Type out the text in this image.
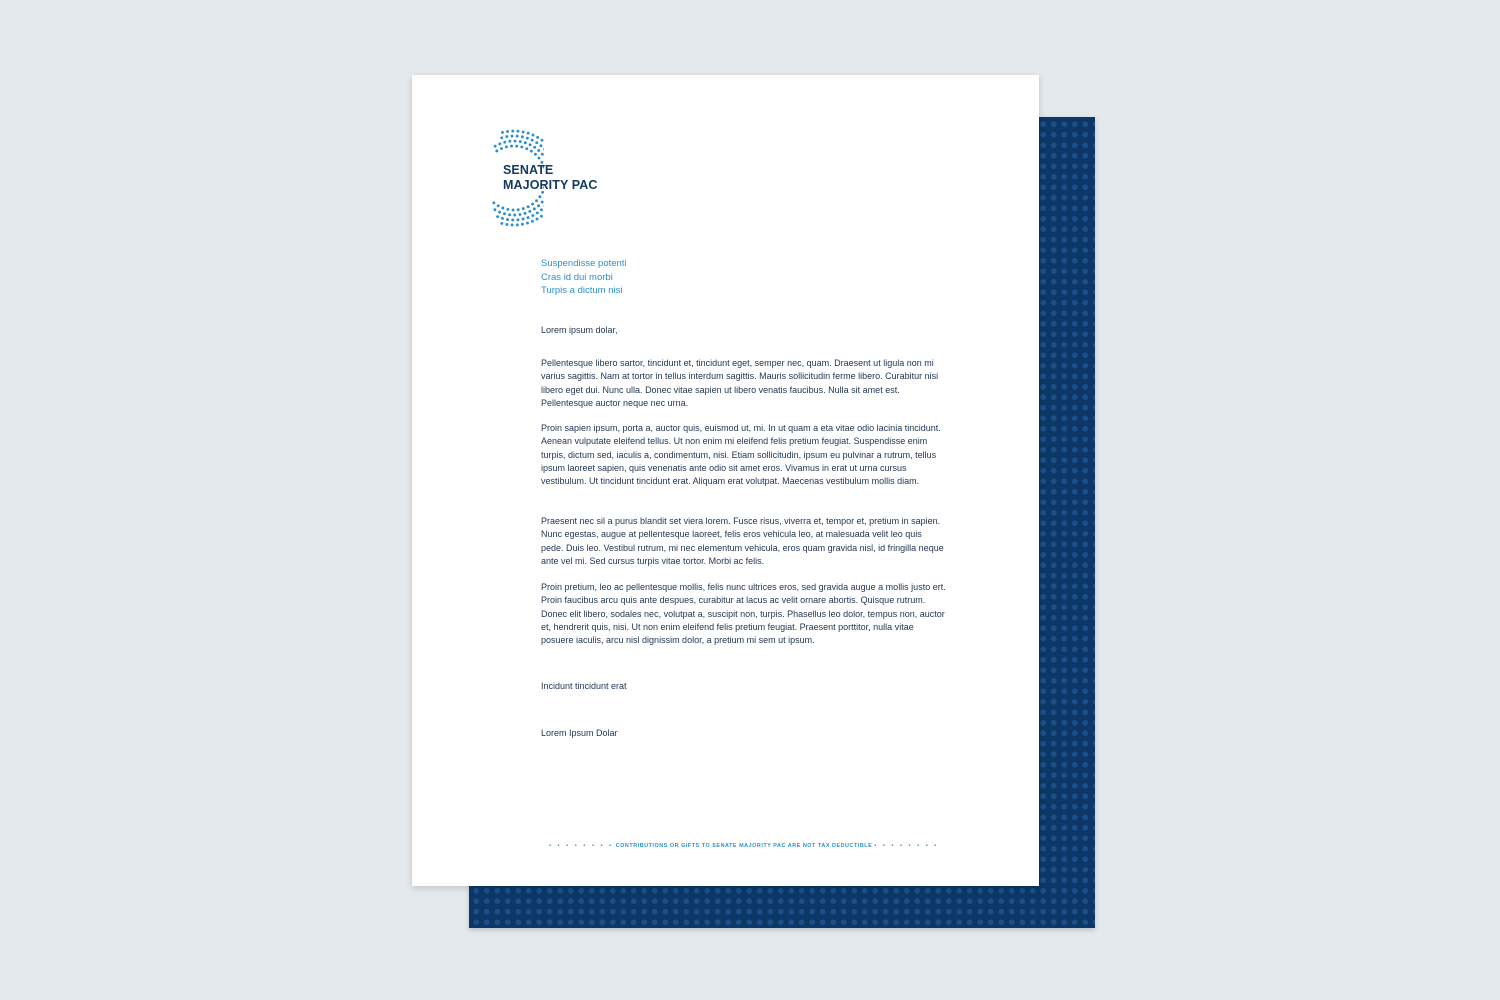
SENATE
MAJORITY PAC
Suspendisse potenti
Cras id dui morbi
Turpis a dictum nisi

Lorem ipsum dolar,

Pellentesque libero sartor, tincidunt et, tincidunt eget, semper nec, quam. Draesent ut ligula non mi varius sagittis. Nam at tortor in tellus interdum sagittis. Mauris sollicitudin ferme libero. Curabitur nisi libero eget dui. Nunc ulla. Donec vitae sapien ut libero venatis faucibus. Nulla sit amet est. Pellentesque auctor neque nec urna.

Proin sapien ipsum, porta a, auctor quis, euismod ut, mi. In ut quam a eta vitae odio lacinia tincidunt. Aenean vulputate eleifend tellus. Ut non enim mi eleifend felis pretium feugiat. Suspendisse enim turpis, dictum sed, iaculis a, condimentum, nisi. Etiam sollicitudin, ipsum eu pulvinar a rutrum, tellus ipsum laoreet sapien, quis venenatis ante odio sit amet eros. Vivamus in erat ut urna cursus vestibulum. Ut tincidunt tincidunt erat. Aliquam erat volutpat. Maecenas vestibulum mollis diam.

Praesent nec sil a purus blandit set viera lorem. Fusce risus, viverra et, tempor et, pretium in sapien. Nunc egestas, augue at pellentesque laoreet, felis eros vehicula leo, at malesuada velit leo quis pede. Duis leo. Vestibul rutrum, mi nec elementum vehicula, eros quam gravida nisl, id fringilla neque ante vel mi. Sed cursus turpis vitae tortor. Morbi ac felis.

Proin pretium, leo ac pellentesque mollis, felis nunc ultrices eros, sed gravida augue a mollis justo ert. Proin faucibus arcu quis ante despues, curabitur at lacus ac velit ornare abortis. Quisque rutrum. Donec elit libero, sodales nec, volutpat a, suscipit non, turpis. Phasellus leo dolor, tempus non, auctor et, hendrerit quis, nisi. Ut non enim eleifend felis pretium feugiat. Praesent porttitor, nulla vitae posuere iaculis, arcu nisl dignissim dolor, a pretium mi sem ut ipsum.

Incidunt tincidunt erat

Lorem Ipsum Dolar

• • • • • • • • CONTRIBUTIONS OR GIFTS TO SENATE MAJORITY PAC ARE NOT TAX DEDUCTIBLE • • • • • • • •
